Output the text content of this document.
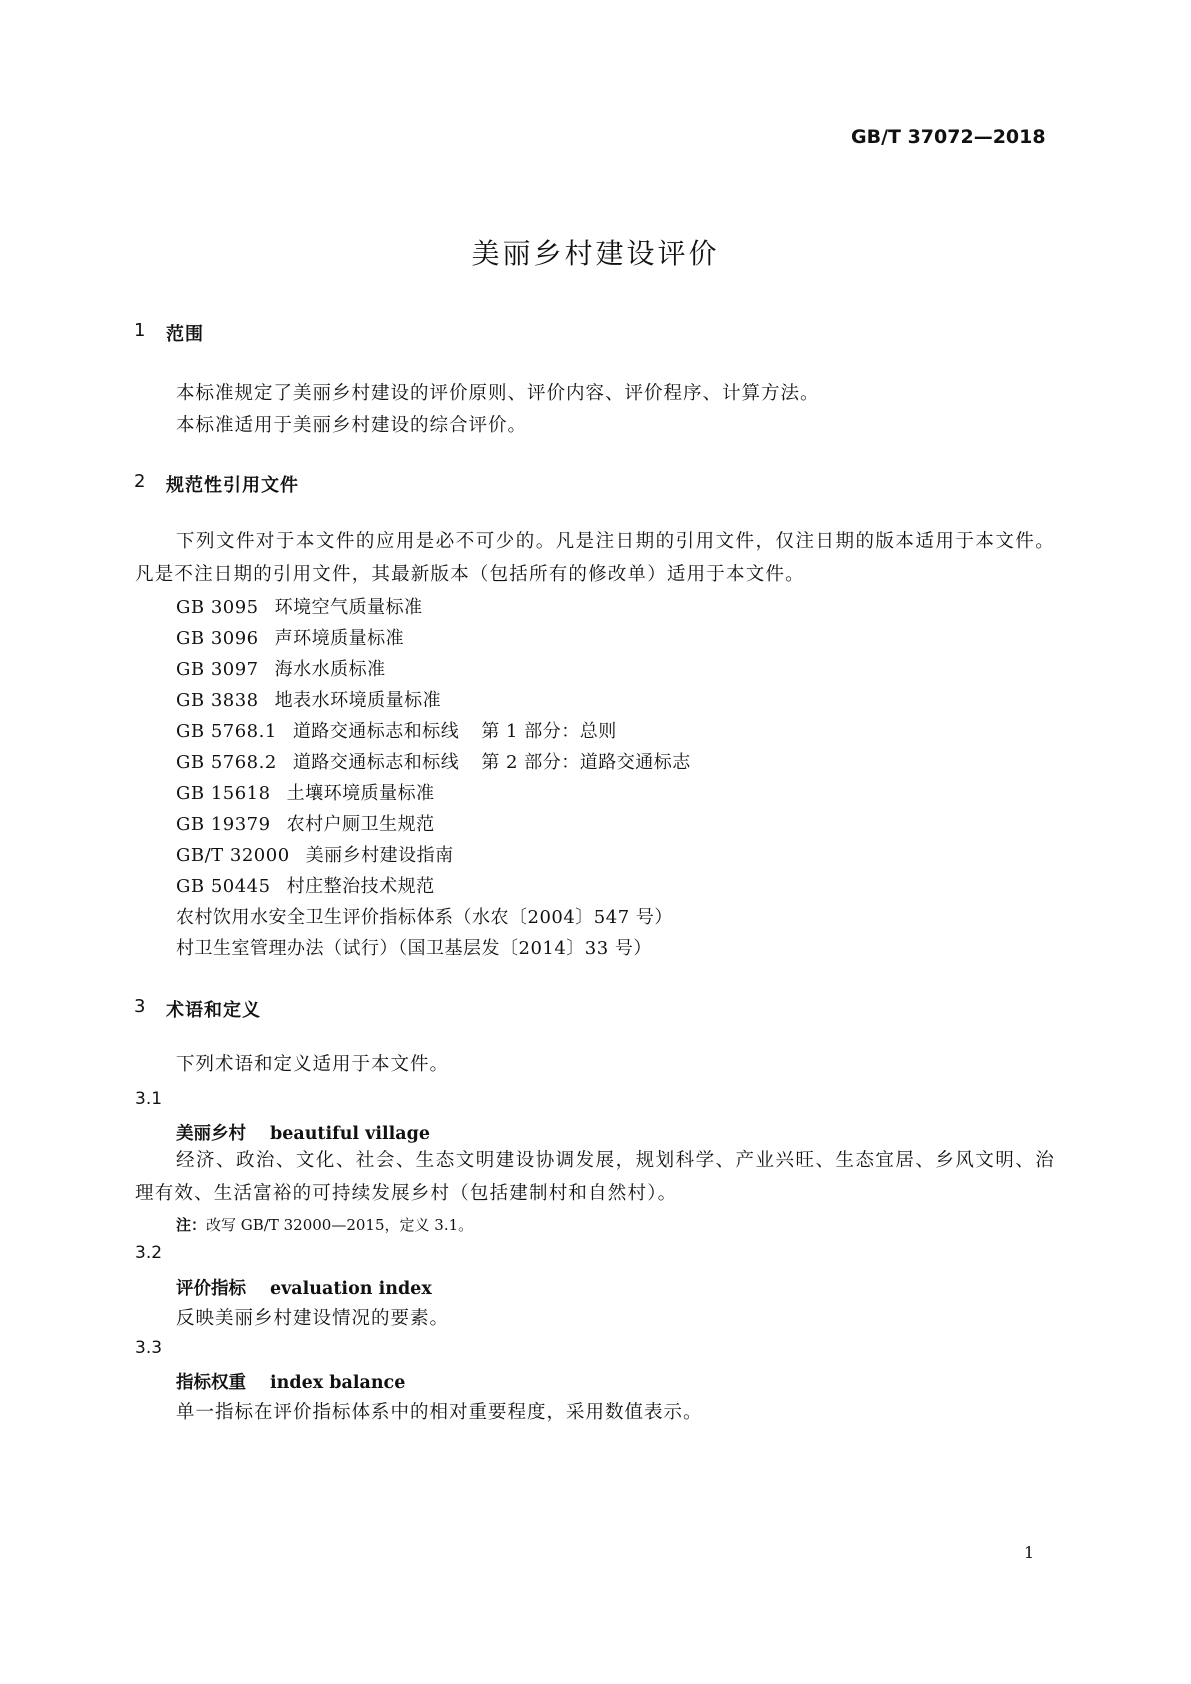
GB/T 37072—2018
美丽乡村建设评价
1 范围
本标准规定了美丽乡村建设的评价原则、评价内容、评价程序、计算方法。
本标准适用于美丽乡村建设的综合评价。
2 规范性引用文件
下列文件对于本文件的应用是必不可少的。凡是注日期的引用文件，仅注日期的版本适用于本文件。凡是不注日期的引用文件，其最新版本（包括所有的修改单）适用于本文件。
GB 3095 环境空气质量标准
GB 3096 声环境质量标准
GB 3097 海水水质标准
GB 3838 地表水环境质量标准
GB 5768.1 道路交通标志和标线 第 1 部分：总则
GB 5768.2 道路交通标志和标线 第 2 部分：道路交通标志
GB 15618 土壤环境质量标准
GB 19379 农村户厕卫生规范
GB/T 32000 美丽乡村建设指南
GB 50445 村庄整治技术规范
农村饮用水安全卫生评价指标体系（水农〔2004〕547 号）
村卫生室管理办法（试行）（国卫基层发〔2014〕33 号）
3 术语和定义
下列术语和定义适用于本文件。
3.1
美丽乡村 beautiful village
经济、政治、文化、社会、生态文明建设协调发展，规划科学、产业兴旺、生态宜居、乡风文明、治理有效、生活富裕的可持续发展乡村（包括建制村和自然村）。
注：改写 GB/T 32000—2015，定义 3.1。
3.2
评价指标 evaluation index
反映美丽乡村建设情况的要素。
3.3
指标权重 index balance
单一指标在评价指标体系中的相对重要程度，采用数值表示。
1
